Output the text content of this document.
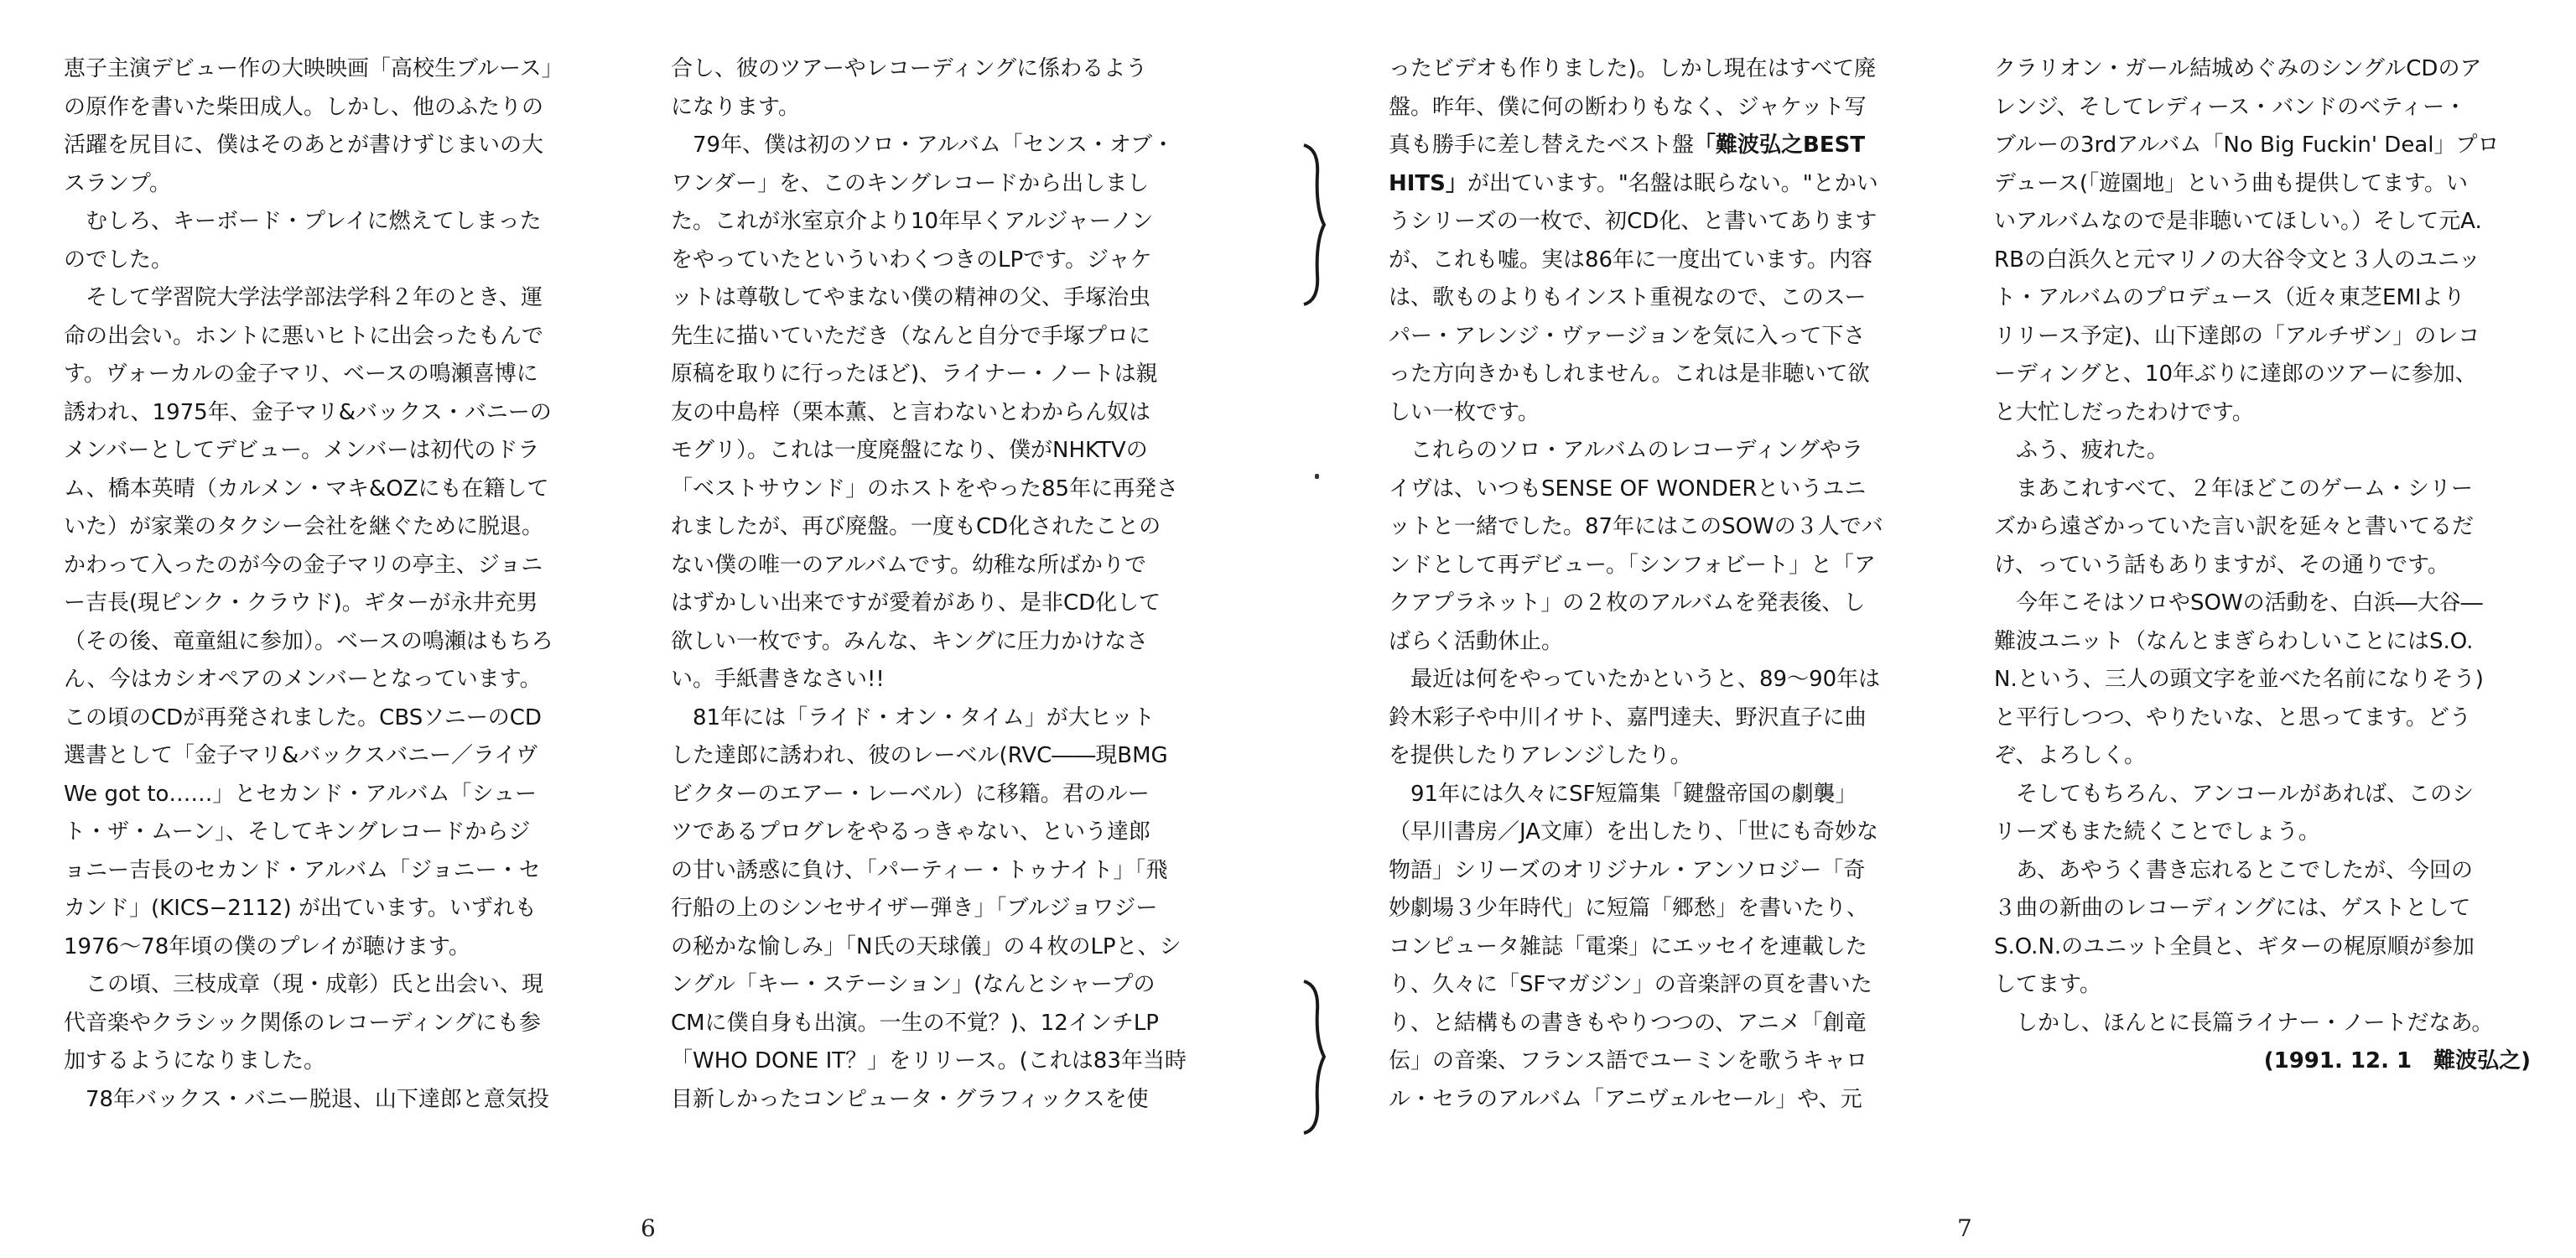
恵子主演デビュー作の大映映画「高校生ブルース」
の原作を書いた柴田成人。しかし、他のふたりの
活躍を尻目に、僕はそのあとが書けずじまいの大
スランプ。
　むしろ、キーボード・プレイに燃えてしまった
のでした。
　そして学習院大学法学部法学科２年のとき、運
命の出会い。ホントに悪いヒトに出会ったもんで
す。ヴォーカルの金子マリ、ベースの鳴瀬喜博に
誘われ、1975年、金子マリ&バックス・バニーの
メンバーとしてデビュー。メンバーは初代のドラ
ム、橋本英晴（カルメン・マキ&OZにも在籍して
いた）が家業のタクシー会社を継ぐために脱退。
かわって入ったのが今の金子マリの亭主、ジョニ
ー吉長(現ピンク・クラウド)。ギターが永井充男
（その後、竜童組に参加）。ベースの鳴瀬はもちろ
ん、今はカシオペアのメンバーとなっています。
この頃のCDが再発されました。CBSソニーのCD
選書として「金子マリ&バックスバニー／ライヴ
We got to……」とセカンド・アルバム「シュー
ト・ザ・ムーン」、そしてキングレコードからジ
ョニー吉長のセカンド・アルバム「ジョニー・セ
カンド」(KICS−2112) が出ています。いずれも
1976〜78年頃の僕のプレイが聴けます。
　この頃、三枝成章（現・成彰）氏と出会い、現
代音楽やクラシック関係のレコーディングにも参
加するようになりました。
　78年バックス・バニー脱退、山下達郎と意気投
合し、彼のツアーやレコーディングに係わるよう
になります。
　79年、僕は初のソロ・アルバム「センス・オブ・
ワンダー」を、このキングレコードから出しまし
た。これが氷室京介より10年早くアルジャーノン
をやっていたといういわくつきのLPです。ジャケ
ットは尊敬してやまない僕の精神の父、手塚治虫
先生に描いていただき（なんと自分で手塚プロに
原稿を取りに行ったほど)、ライナー・ノートは親
友の中島梓（栗本薫、と言わないとわからん奴は
モグリ）。これは一度廃盤になり、僕がNHKTVの
「ベストサウンド」のホストをやった85年に再発さ
れましたが、再び廃盤。一度もCD化されたことの
ない僕の唯一のアルバムです。幼稚な所ばかりで
はずかしい出来ですが愛着があり、是非CD化して
欲しい一枚です。みんな、キングに圧力かけなさ
い。手紙書きなさい!!
　81年には「ライド・オン・タイム」が大ヒット
した達郎に誘われ、彼のレーベル(RVC――現BMG
ビクターのエアー・レーベル）に移籍。君のルー
ツであるプログレをやるっきゃない、という達郎
の甘い誘惑に負け、「パーティー・トゥナイト」「飛
行船の上のシンセサイザー弾き」「ブルジョワジー
の秘かな愉しみ」「N氏の天球儀」の４枚のLPと、シ
ングル「キー・ステーション」(なんとシャープの
CMに僕自身も出演。一生の不覚？)、12インチLP
「WHO DONE IT？」をリリース。(これは83年当時
目新しかったコンピュータ・グラフィックスを使
ったビデオも作りました)。しかし現在はすべて廃
盤。昨年、僕に何の断わりもなく、ジャケット写
真も勝手に差し替えたベスト盤「難波弘之BEST
HITS」が出ています。"名盤は眠らない。"とかい
うシリーズの一枚で、初CD化、と書いてあります
が、これも嘘。実は86年に一度出ています。内容
は、歌ものよりもインスト重視なので、このスー
パー・アレンジ・ヴァージョンを気に入って下さ
った方向きかもしれません。これは是非聴いて欲
しい一枚です。
　これらのソロ・アルバムのレコーディングやラ
イヴは、いつもSENSE OF WONDERというユニ
ットと一緒でした。87年にはこのSOWの３人でバ
ンドとして再デビュー。「シンフォビート」と「ア
クアプラネット」の２枚のアルバムを発表後、し
ばらく活動休止。
　最近は何をやっていたかというと、89〜90年は
鈴木彩子や中川イサト、嘉門達夫、野沢直子に曲
を提供したりアレンジしたり。
　91年には久々にSF短篇集「鍵盤帝国の劇襲」
（早川書房／JA文庫）を出したり、「世にも奇妙な
物語」シリーズのオリジナル・アンソロジー「奇
妙劇場３少年時代」に短篇「郷愁」を書いたり、
コンピュータ雑誌「電楽」にエッセイを連載した
り、久々に「SFマガジン」の音楽評の頁を書いた
り、と結構もの書きもやりつつの、アニメ「創竜
伝」の音楽、フランス語でユーミンを歌うキャロ
ル・セラのアルバム「アニヴェルセール」や、元
クラリオン・ガール結城めぐみのシングルCDのア
レンジ、そしてレディース・バンドのベティー・
ブルーの3rdアルバム「No Big Fuckin' Deal」プロ
デュース(「遊園地」という曲も提供してます。い
いアルバムなので是非聴いてほしい。）そして元A.
RBの白浜久と元マリノの大谷令文と３人のユニッ
ト・アルバムのプロデュース（近々東芝EMIより
リリース予定)、山下達郎の「アルチザン」のレコ
ーディングと、10年ぶりに達郎のツアーに参加、
と大忙しだったわけです。
　ふう、疲れた。
　まあこれすべて、２年ほどこのゲーム・シリー
ズから遠ざかっていた言い訳を延々と書いてるだ
け、っていう話もありますが、その通りです。
　今年こそはソロやSOWの活動を、白浜―大谷―
難波ユニット（なんとまぎらわしいことにはS.O.
N.という、三人の頭文字を並べた名前になりそう)
と平行しつつ、やりたいな、と思ってます。どう
ぞ、よろしく。
　そしてもちろん、アンコールがあれば、このシ
リーズもまた続くことでしょう。
　あ、あやうく書き忘れるとこでしたが、今回の
３曲の新曲のレコーディングには、ゲストとして
S.O.N.のユニット全員と、ギターの梶原順が参加
してます。
　しかし、ほんとに長篇ライナー・ノートだなあ。
(1991. 12. 1　難波弘之)
6	7
